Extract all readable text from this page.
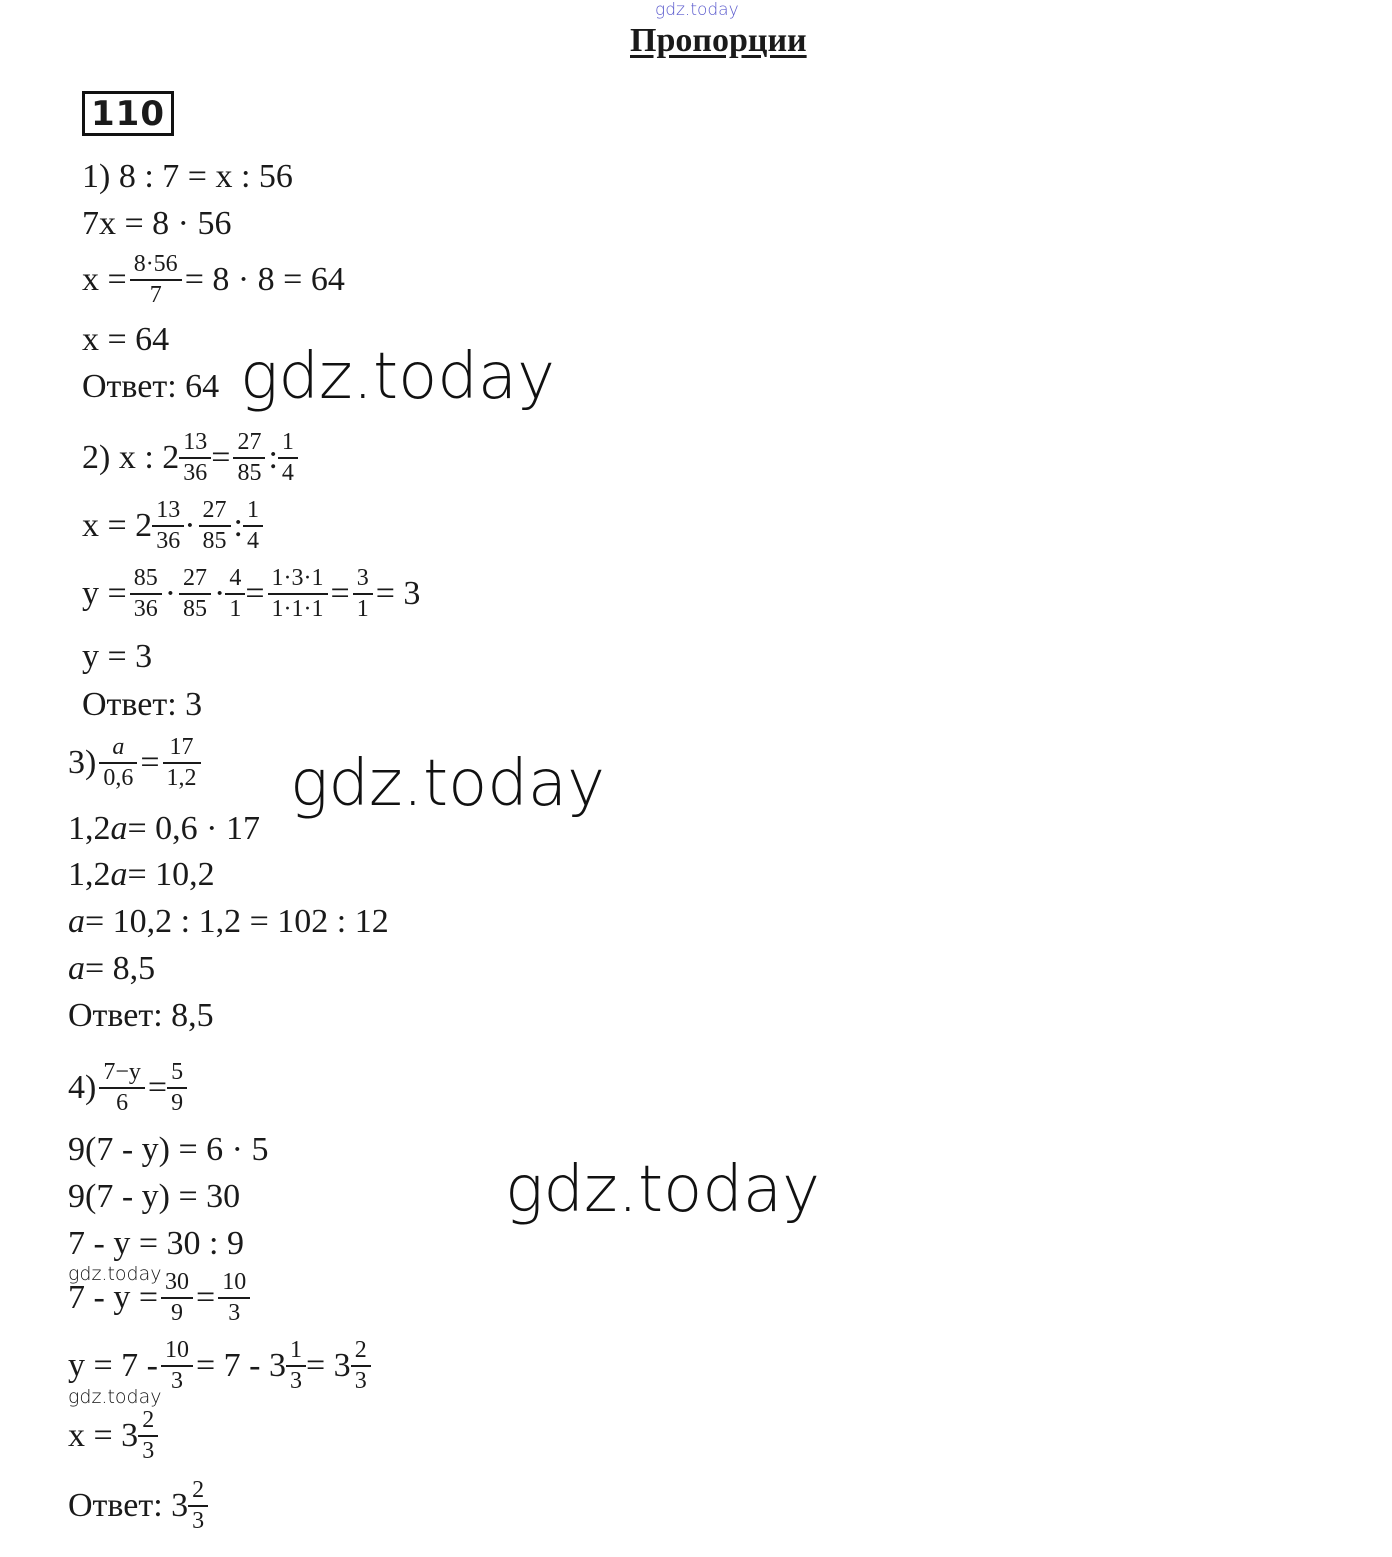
gdz.today
gdz.today
gdz.today
gdz.today
gdz.today
gdz.today
Пропорции
110
1) 8 : 7 = x : 56
7x = 8 · 56
$x = \frac{8\cdot 56}{7} = 8 \cdot 8 = 64$
x = 64
Ответ: 64
2) x : $2 \frac{13}{36} = \frac{27}{85}$ : $\frac{1}{4}$
$x = 2 \frac{13}{36} \cdot \frac{27}{85}$ : $\frac{1}{4}$
$y = \frac{85}{36} \cdot \frac{27}{85} \cdot \frac{4}{1} = \frac{1\cdot 3\cdot 1}{1\cdot 1\cdot 1} = \frac{3}{1} = 3$
y = 3
Ответ: 3
$3) \frac{a}{0,6} = \frac{17}{1,2}$
1,2 a = 0,6 · 17
1,2 a = 10,2
a = 10,2 : 1,2 = 102 : 12
a = 8,5
Ответ: 8,5
$4) \frac{7-y}{6} = \frac{5}{9}$
9(7 - y) = 6 · 5
9(7 - y) = 30
7 - y = 30 : 9
$7 - y = \frac{30}{9} = \frac{10}{3}$
$y = 7 - \frac{10}{3} = 7 - 3 \frac{1}{3} = 3 \frac{2}{3}$
$x = 3 \frac{2}{3}$
Ответ: $3 \frac{2}{3}$
